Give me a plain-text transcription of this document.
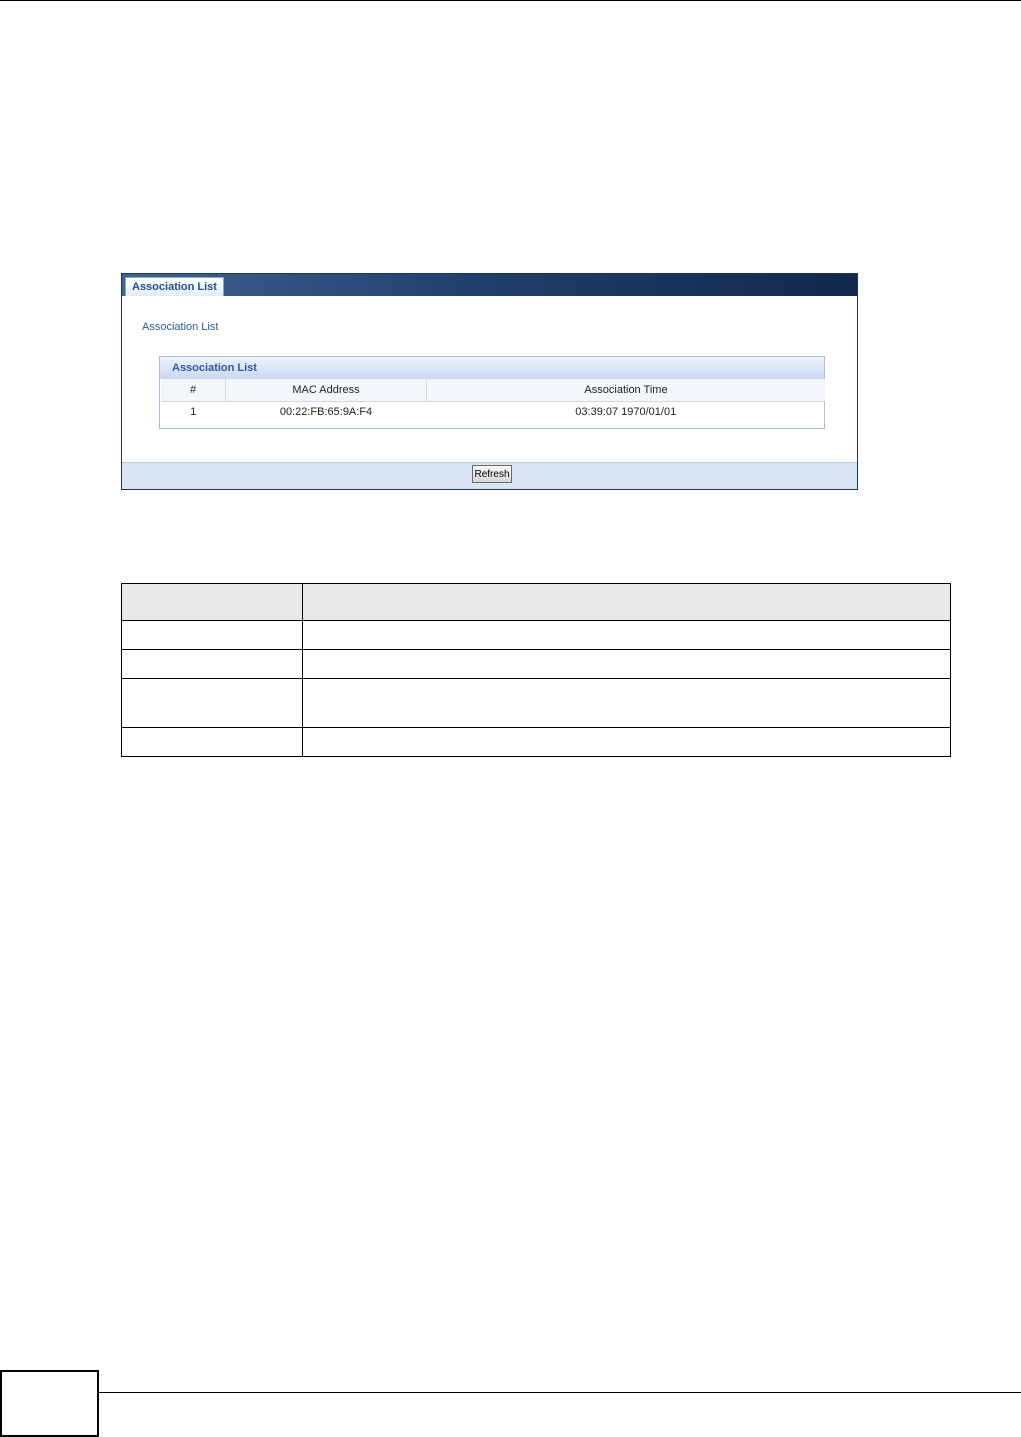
Association List
Association List
Association List
#	MAC Address	Association Time
1	00:22:FB:65:9A:F4	03:39:07 1970/01/01
Refresh
